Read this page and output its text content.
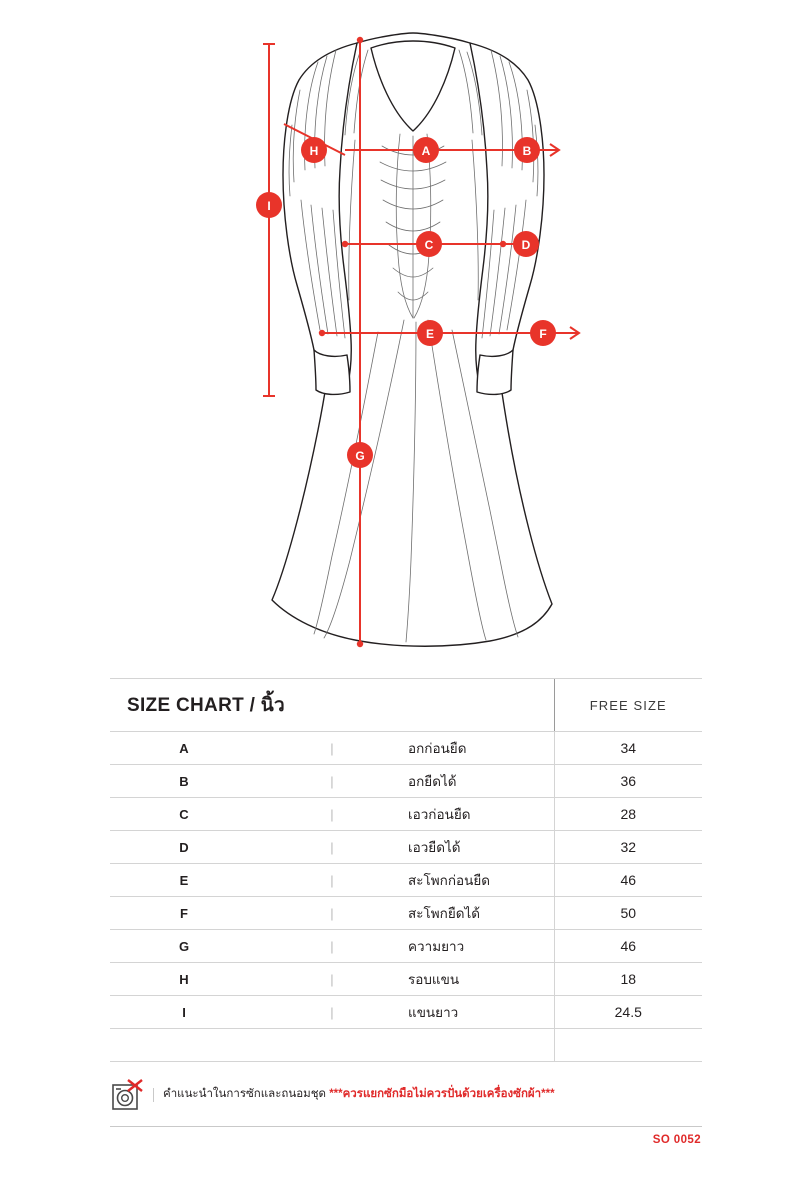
H	A	B
I
C	D
E	F
G
SIZE CHART / นิ้ว			FREE SIZE
A	|	อกก่อนยืด	34
B	|	อกยืดได้	36
C	|	เอวก่อนยืด	28
D	|	เอวยืดได้	32
E	|	สะโพกก่อนยืด	46
F	|	สะโพกยืดได้	50
G	|	ความยาว	46
H	|	รอบแขน	18
I	|	แขนยาว	24.5

คำแนะนำในการซักและถนอมชุด ***ควรแยกซักมือไม่ควรปั่นด้วยเครื่องซักผ้า***
SO 0052
